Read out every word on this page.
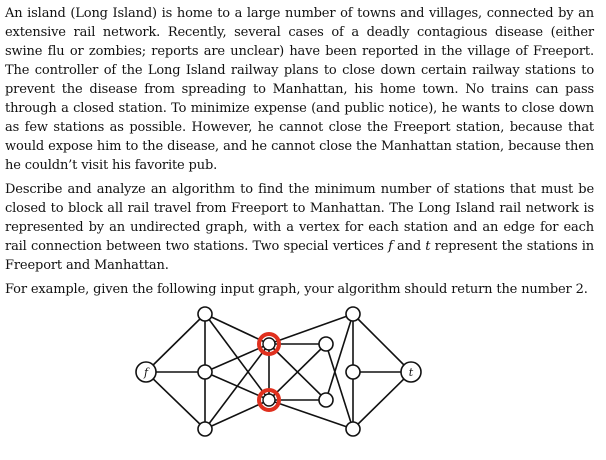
An island (Long Island) is home to a large number of towns and villages, connected by an extensive rail network. Recently, several cases of a deadly contagious disease (either swine flu or zombies; reports are unclear) have been reported in the village of Freeport. The controller of the Long Island railway plans to close down certain railway stations to prevent the disease from spreading to Manhattan, his home town. No trains can pass through a closed station. To minimize expense (and public notice), he wants to close down as few stations as possible. However, he cannot close the Freeport station, because that would expose him to the disease, and he cannot close the Manhattan station, because then he couldn’t visit his favorite pub.

Describe and analyze an algorithm to find the minimum number of stations that must be closed to block all rail travel from Freeport to Manhattan. The Long Island rail network is represented by an undirected graph, with a vertex for each station and an edge for each rail connection between two stations. Two special vertices f and t represent the stations in Freeport and Manhattan.

For example, given the following input graph, your algorithm should return the number 2.

f	t
